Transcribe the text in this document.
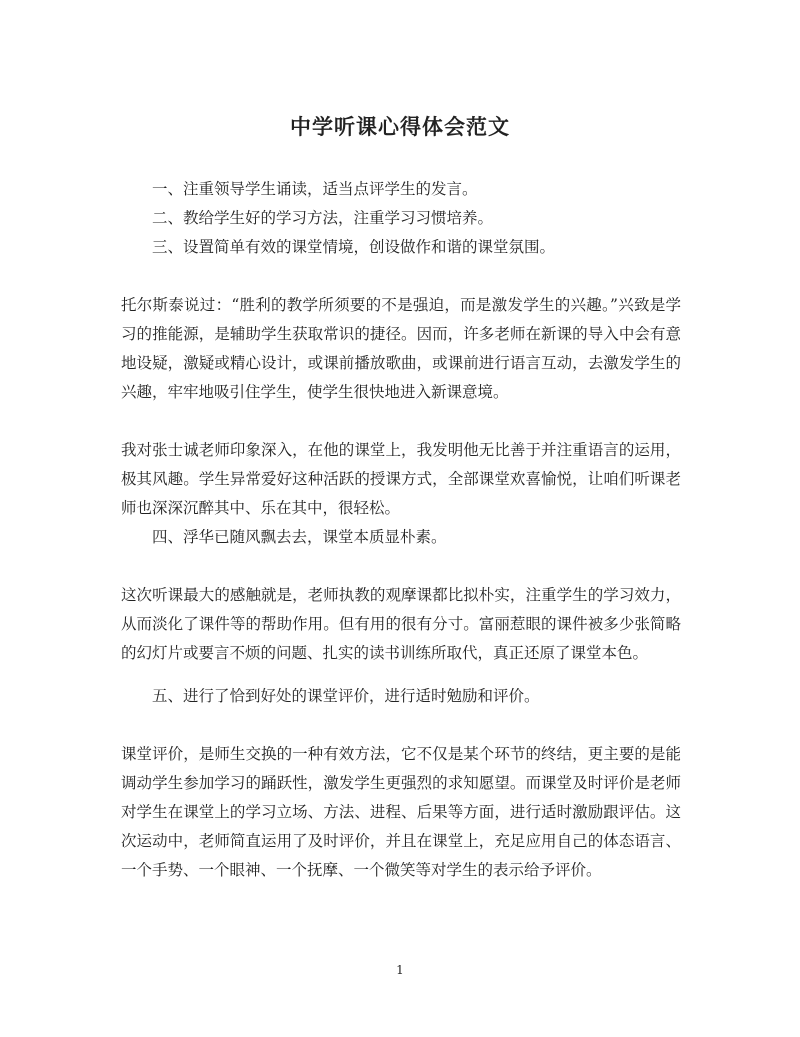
中学听课心得体会范文

一、注重领导学生诵读，适当点评学生的发言。

二、教给学生好的学习方法，注重学习习惯培养。

三、设置简单有效的课堂情境，创设做作和谐的课堂氛围。

托尔斯泰说过：“胜利的教学所须要的不是强迫，而是激发学生的兴趣。”兴致是学习的推能源，是辅助学生获取常识的捷径。因而，许多老师在新课的导入中会有意地设疑，激疑或精心设计，或课前播放歌曲，或课前进行语言互动，去激发学生的兴趣，牢牢地吸引住学生，使学生很快地进入新课意境。

我对张士诚老师印象深入，在他的课堂上，我发明他无比善于并注重语言的运用，极其风趣。学生异常爱好这种活跃的授课方式，全部课堂欢喜愉悦，让咱们听课老师也深深沉醉其中、乐在其中，很轻松。

四、浮华已随风飘去去，课堂本质显朴素。

这次听课最大的感触就是，老师执教的观摩课都比拟朴实，注重学生的学习效力，从而淡化了课件等的帮助作用。但有用的很有分寸。富丽惹眼的课件被多少张简略的幻灯片或要言不烦的问题、扎实的读书训练所取代，真正还原了课堂本色。

五、进行了恰到好处的课堂评价，进行适时勉励和评价。

课堂评价，是师生交换的一种有效方法，它不仅是某个环节的终结，更主要的是能调动学生参加学习的踊跃性，激发学生更强烈的求知愿望。而课堂及时评价是老师对学生在课堂上的学习立场、方法、进程、后果等方面，进行适时激励跟评估。这次运动中，老师简直运用了及时评价，并且在课堂上，充足应用自己的体态语言、一个手势、一个眼神、一个抚摩、一个微笑等对学生的表示给予评价。

1
